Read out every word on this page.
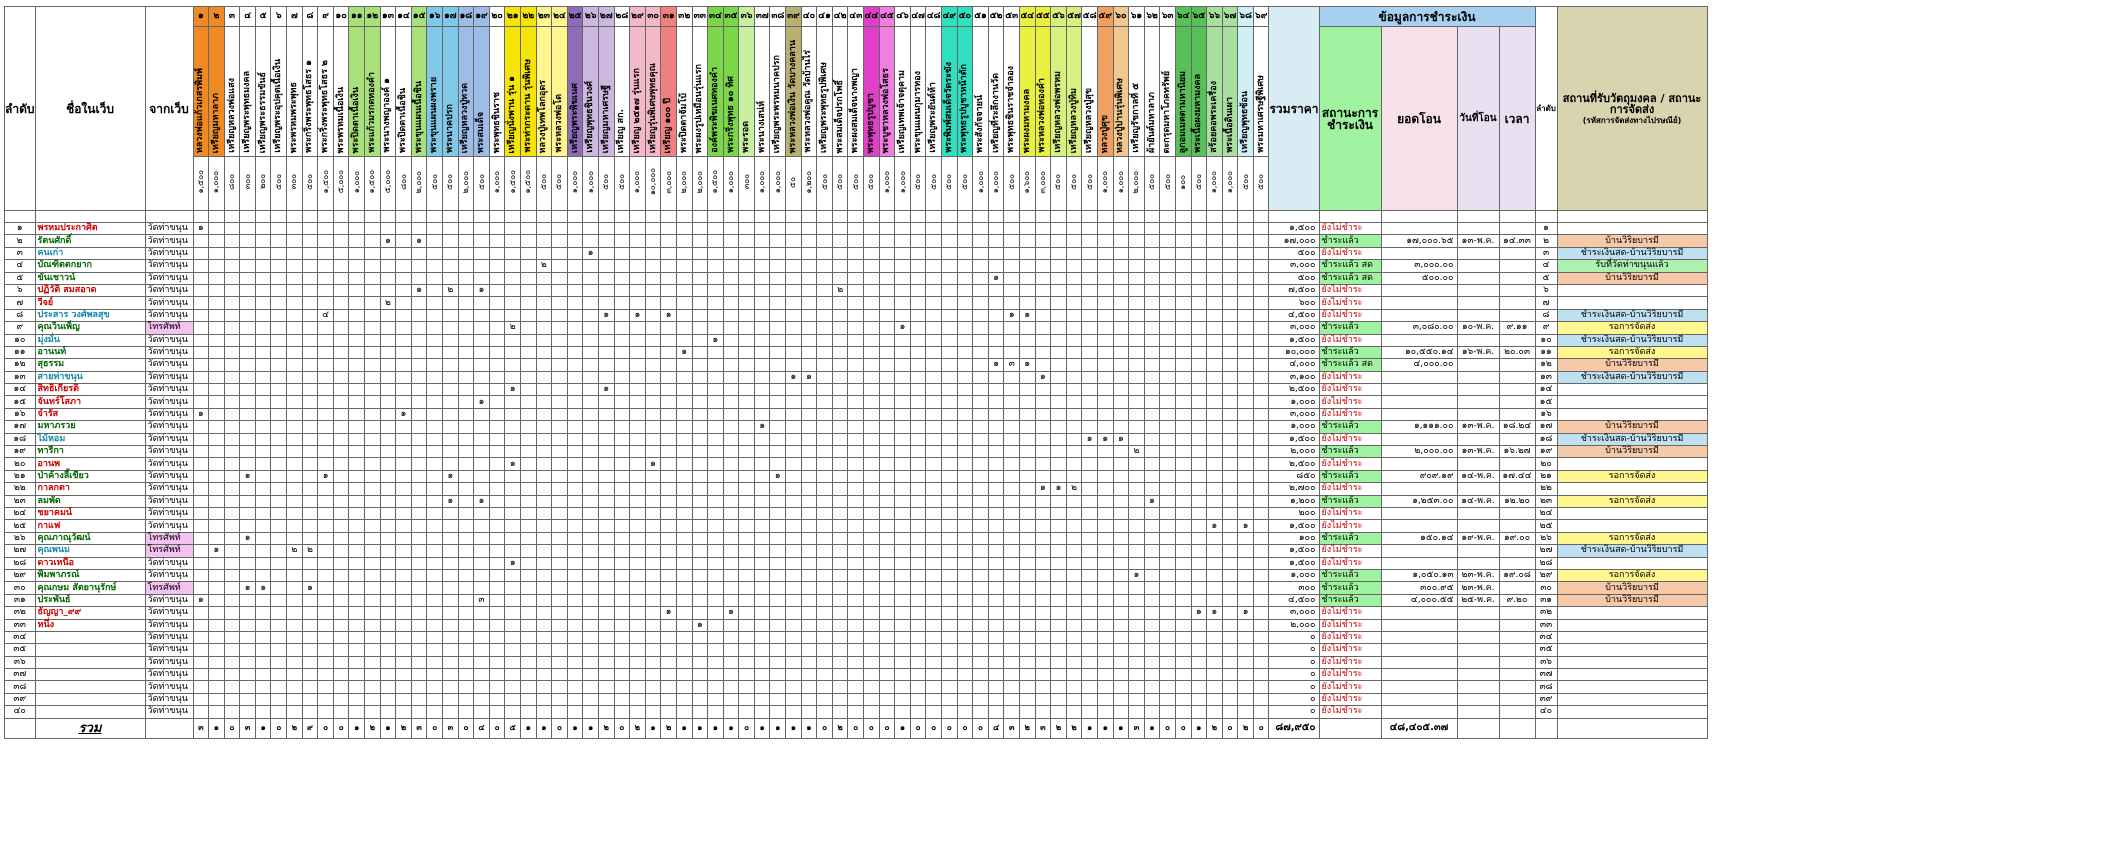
ลำดับ	ชื่อในเว็บ	จากเว็บ	๑	๒	๓	๔	๕	๖	๗	๘	๙	๑๐	๑๑	๑๒	๑๓	๑๔	๑๕	๑๖	๑๗	๑๘	๑๙	๒๐	๒๑	๒๒	๒๓	๒๔	๒๕	๒๖	๒๗	๒๘	๒๙	๓๐	๓๑	๓๒	๓๓	๓๔	๓๕	๓๖	๓๗	๓๘	๓๙	๔๐	๔๑	๔๒	๔๓	๔๔	๔๕	๔๖	๔๗	๔๘	๔๙	๕๐	๕๑	๕๒	๕๓	๕๔	๕๕	๕๖	๕๗	๕๘	๕๙	๖๐	๖๑	๖๒	๖๓	๖๔	๖๕	๖๖	๖๗	๖๘	๖๙	รวมราคา	ข้อมูลการชำระเงิน	ลำดับ	สถานที่รับวัตถุมงคล / สถานะการจัดส่ง
(รหัสการจัดส่งทางไปรษณีย์)

หลวงพ่อแก้วเกสรพิมพ์	เหรียญมหาลาภ	เหรียญหลวงพ่อแสง	เหรียญพระพุทธมงคล	เหรียญพระธรรมขันธ์	เหรียญพระอุปคุตเนื้อเงิน	พระพรหมพระพุทธ	พระกริ่งพระพุทธโสธร ๑	พระกริ่งพระพุทธโสธร ๒	พระพรหมเนื้อเงิน	พระปิดตาเนื้อเงิน	พระแก้วมรกตทองคำ	พระนางพญาองค์ ๑	พระปิดตาเนื้อชิน	พระขุนแผนเนื้อชิน	พระขุนแผนผงพราย	พระนาคปรก	เหรียญหลวงปู่ทวด	พระสมเด็จ	พระพุทธชินราช	เหรียญนั่งพาน รุ่น ๑	พระท่ากระดาน รุ่นพิเศษ	หลวงปู่เทพโลกอุดร	พระหลวงพ่อโต	เหรียญพระพิฆเนศ	เหรียญพุทธชินวงศ์	เหรียญมหาเศรษฐี	เหรียญ สก.	เหรียญ ๒๕๑๗ รุ่นแรก	เหรียญรุ่นพิเศษพุทธคุณ	เหรียญ ๑๐๐ ปี	พระปิดตาจัมโบ้	พระผงรูปเหมือนรุ่นแรก	องค์พระพิฆเนศทองคำ	พระกริ่งพุทธ ๑๐ ทิศ	พระรอด	พระนางเสน่ห์	เหรียญพระพรหมนาคปรก	พระหลวงพ่อเงิน วัดบางคลาน	พระหลวงพ่อคูณ วัดบ้านไร่	เหรียญพระพุทธรูปพิเศษ	พระสมเด็จปรกโพธิ์	พระผงสมเด็จนางพญา	พระพุทธรูปบูชา	พระบูชาหลวงพ่อโสธร	เหรียญเทพเจ้าจตุคาม	พระขุนแผนกุมารทอง	เหรียญพระยันต์ห้า	พระพิมพ์สมเด็จวัดระฆัง	พระพุทธรูปบูชาหน้าตัก	พระสังกัจจายน์	เหรียญที่ระลึกงานวัด	พระพุทธชินราชจำลอง	พระผงมหามงคล	พระหลวงพ่อทองคำ	เหรียญหลวงพ่อพรหม	เหรียญหลวงปู่ทิม	เหรียญหลวงปู่สุข	หลวงปู่ศุข	หลวงปู่ปานรุ่นพิเศษ	เหรียญรัชกาลที่ ๕	ผ้ายันต์มหาลาภ	ตะกรุดมหาโภคทรัพย์	ลูกอมเมตตามหานิยม	พระเนื้อผงมหามงคล	สร้อยคอพระเครื่อง	พระเนื้อดินเผา	เหรียญพุทธซ้อน	พระมหาเศรษฐีพิเศษ	สถานะการชำระเงิน	ยอดโอน	วันที่โอน	เวลา
๑,๕๐๐	๑,๐๐๐	๘๐๐	๓๐๐	๒๐๐	๕๐๐	๓๐๐	๕๐๐	๑,๕๐๐	๕,๐๐๐	๑,๐๐๐	๑,๕๐๐	๕,๐๐๐	๘๐๐	๒,๐๐๐	๕๐๐	๕๐๐	๒,๐๐๐	๕๐๐	๑,๐๐๐	๑,๕๐๐	๑,๕๐๐	๕๐๐	๕๐๐	๑,๐๐๐	๑,๐๐๐	๕๐๐	๕๐๐	๑,๐๐๐	๑๐,๐๐๐	๓,๐๐๐	๒,๐๐๐	๒,๐๐๐	๑,๕๐๐	๑,๐๐๐	๓๐๐	๑,๐๐๐	๑,๐๐๐	๕๐	๑,๒๐๐	๕๐๐	๕๐๐	๕๐๐	๕๐๐	๑,๐๐๐	๑,๐๐๐	๕๐๐	๕๐๐	๕๐๐	๕๐๐	๑,๐๐๐	๑,๐๐๐	๕๐๐	๑,๖๐๐	๓,๐๐๐	๕๐๐	๕๐๐	๕๐๐	๑,๐๐๐	๑,๐๐๐	๒,๐๐๐	๕๐๐	๕๐๐	๑๐๐	๕๐๐	๑,๐๐๐	๑,๐๐๐	๕๐๐	๕๐๐

๑	พรหมประกาศิต	วัดท่าขนุน	๑																																																																					๑,๕๐๐	ยังไม่ชำระ				๑	
๒	รัตนศักดิ์	วัดท่าขนุน													๑		๑																																																							๑๗,๐๐๐	ชำระแล้ว	๑๗,๐๐๐.๖๕	๑๓-พ.ค.	๑๔.๓๓	๒	บ้านวิริยบารมี
๓	คนเก่า	วัดท่าขนุน																										๑																																												๕๐๐	ยังไม่ชำระ				๓	ชำระเงินสด-บ้านวิริยบารมี
๔	บัณฑิตตกยาก	วัดท่าขนุน																							๒																																															๓,๐๐๐	ชำระแล้ว สด	๓,๐๐๐.๐๐			๔	รับที่วัดท่าขนุนแล้ว
๕	ขันเชาวน์	วัดท่าขนุน																																																				๑																		๕๐๐	ชำระแล้ว สด	๕๐๐.๐๐			๕	บ้านวิริยบารมี
๖	ปฏิวัติ สมสอาด	วัดท่าขนุน															๑		๒		๑																							๒																												๗,๕๐๐	ยังไม่ชำระ				๖	
๗	วีจย์	วัดท่าขนุน													๒																																																									๖๐๐	ยังไม่ชำระ				๗	
๘	ประสาร วงศ์พลสุข	วัดท่าขนุน									๔																		๑		๑		๑																						๑	๑																๔,๕๐๐	ยังไม่ชำระ				๘	ชำระเงินสด-บ้านวิริยบารมี
๙	คุณวินเพ็ญ	โทรศัพท์																					๒																									๑																								๓,๐๐๐	ชำระแล้ว	๓,๐๘๐.๐๐	๑๐-พ.ค.	๙.๑๑	๙	รอการจัดส่ง
๑๐	มุ่งมั่น	วัดท่าขนุน																																		๑																																				๑,๕๐๐	ยังไม่ชำระ				๑๐	ชำระเงินสด-บ้านวิริยบารมี
๑๑	อานนท์	วัดท่าขนุน																																๑																																						๑๐,๐๐๐	ชำระแล้ว	๑๐,๕๕๐.๑๔	๑๖-พ.ค.	๒๐.๐๓	๑๑	รอการจัดส่ง
๑๒	สุธรรม	วัดท่าขนุน																																																				๑	๓	๑																๔,๐๐๐	ชำระแล้ว สด	๔,๐๐๐.๐๐			๑๒	บ้านวิริยบารมี
๑๓	สายท่าขนุน	วัดท่าขนุน																																							๑	๑															๑															๓,๑๐๐	ยังไม่ชำระ				๑๓	ชำระเงินสด-บ้านวิริยบารมี
๑๔	สิทธิเกียรติ	วัดท่าขนุน																					๑						๑																																											๒,๕๐๐	ยังไม่ชำระ				๑๔	
๑๕	จันทร์โสภา	วัดท่าขนุน																			๑																																																			๑,๐๐๐	ยังไม่ชำระ				๑๕	
๑๖	จำรัส	วัดท่าขนุน	๑													๑																																																								๓,๐๐๐	ยังไม่ชำระ				๑๖	
๑๗	มหาภรวย	วัดท่าขนุน																																					๑																																	๑,๐๐๐	ชำระแล้ว	๑,๑๑๑.๐๐	๑๓-พ.ค.	๑๘.๒๔	๑๗	บ้านวิริยบารมี
๑๘	ไม้หอม	วัดท่าขนุน																																																										๑	๑	๑										๑,๕๐๐	ยังไม่ชำระ				๑๘	ชำระเงินสด-บ้านวิริยบารมี
๑๙	ทารีกา	วัดท่าขนุน																																																													๒									๒,๐๐๐	ชำระแล้ว	๒,๐๐๐.๐๐	๑๓-พ.ค.	๑๖.๒๗	๑๙	บ้านวิริยบารมี
๒๐	อานพ	วัดท่าขนุน																					๑									๑																																								๒,๕๐๐	ยังไม่ชำระ				๒๐	
๒๑	ป่าค้างลี้เขียว	วัดท่าขนุน				๑					๑								๑																					๑																																๘๕๐	ชำระแล้ว	๙๐๙.๑๙	๑๔-พ.ค.	๑๗.๔๔	๒๑	รอการจัดส่ง
๒๒	กาลกตา	วัดท่าขนุน																																																							๑	๑	๒													๒,๗๐๐	ยังไม่ชำระ				๒๒	
๒๓	ลมพัด	วัดท่าขนุน																	๑		๑																																											๑								๑,๒๐๐	ชำระแล้ว	๑,๒๕๓.๐๐	๑๔-พ.ค.	๑๒.๒๐	๒๓	รอการจัดส่ง
๒๔	ชยาคมน์	วัดท่าขนุน																																																																						๒๐๐	ยังไม่ชำระ				๒๔	
๒๕	กาแฟ	วัดท่าขนุน																																																																		๑		๑		๑,๕๐๐	ยังไม่ชำระ				๒๕	
๒๖	คุณภาณุวัฒน์	โทรศัพท์				๑																																																																		๑๐๐	ชำระแล้ว	๑๕๐.๑๔	๑๙-พ.ค.	๑๙.๐๐	๒๖	รอการจัดส่ง
๒๗	คุณพนม	โทรศัพท์		๑					๒	๒																																																														๑,๕๐๐	ยังไม่ชำระ				๒๗	ชำระเงินสด-บ้านวิริยบารมี
๒๘	ดาวเหนือ	วัดท่าขนุน																					๑																																																	๑,๕๐๐	ยังไม่ชำระ				๒๘	
๒๙	พิมพาภรณ์	วัดท่าขนุน																																																													๑									๑,๐๐๐	ชำระแล้ว	๑,๐๕๐.๑๓	๒๓-พ.ค.	๑๙.๐๘	๒๙	รอการจัดส่ง
๓๐	คุณกษม สัตยานุรักษ์	โทรศัพท์				๑	๑			๑																																																														๓๐๐	ชำระแล้ว	๓๐๐.๙๕	๒๓-พ.ค.		๓๐	บ้านวิริยบารมี
๓๑	ประพันธ์	วัดท่าขนุน	๑																		๓																																																			๔,๕๐๐	ชำระแล้ว	๔,๐๐๐.๕๕	๒๕-พ.ค.	๙.๒๐	๓๑	บ้านวิริยบารมี
๓๒	ธัญญา_๙๙	วัดท่าขนุน																															๑				๑																														๑	๑		๑		๓,๐๐๐	ยังไม่ชำระ				๓๒	
๓๓	หนึ่ง	วัดท่าขนุน																																	๑																																					๒,๐๐๐	ยังไม่ชำระ				๓๓	
๓๔		วัดท่าขนุน																																																																						๐	ยังไม่ชำระ				๓๔	
๓๕		วัดท่าขนุน																																																																						๐	ยังไม่ชำระ				๓๕	
๓๖		วัดท่าขนุน																																																																						๐	ยังไม่ชำระ				๓๖	
๓๗		วัดท่าขนุน																																																																						๐	ยังไม่ชำระ				๓๗	
๓๘		วัดท่าขนุน																																																																						๐	ยังไม่ชำระ				๓๘	
๓๙		วัดท่าขนุน																																																																						๐	ยังไม่ชำระ				๓๙	
๔๐		วัดท่าขนุน																																																																						๐	ยังไม่ชำระ				๔๐	
	รวม		๓	๑	๐	๓	๑	๐	๒	๙	๐	๐	๑	๒	๑	๒	๓	๐	๓	๐	๔	๐	๕	๑	๑	๐	๑	๑	๒	๐	๒	๑	๒	๑	๑	๑	๑	๐	๑	๑	๑	๑	๐	๒	๐	๐	๐	๑	๐	๐	๐	๐	๐	๔	๓	๒	๓	๒	๒	๑	๑	๑	๓	๑	๐	๐	๑	๒	๐	๒	๐	๘๗,๙๕๐		๔๘,๔๐๕.๓๗				
